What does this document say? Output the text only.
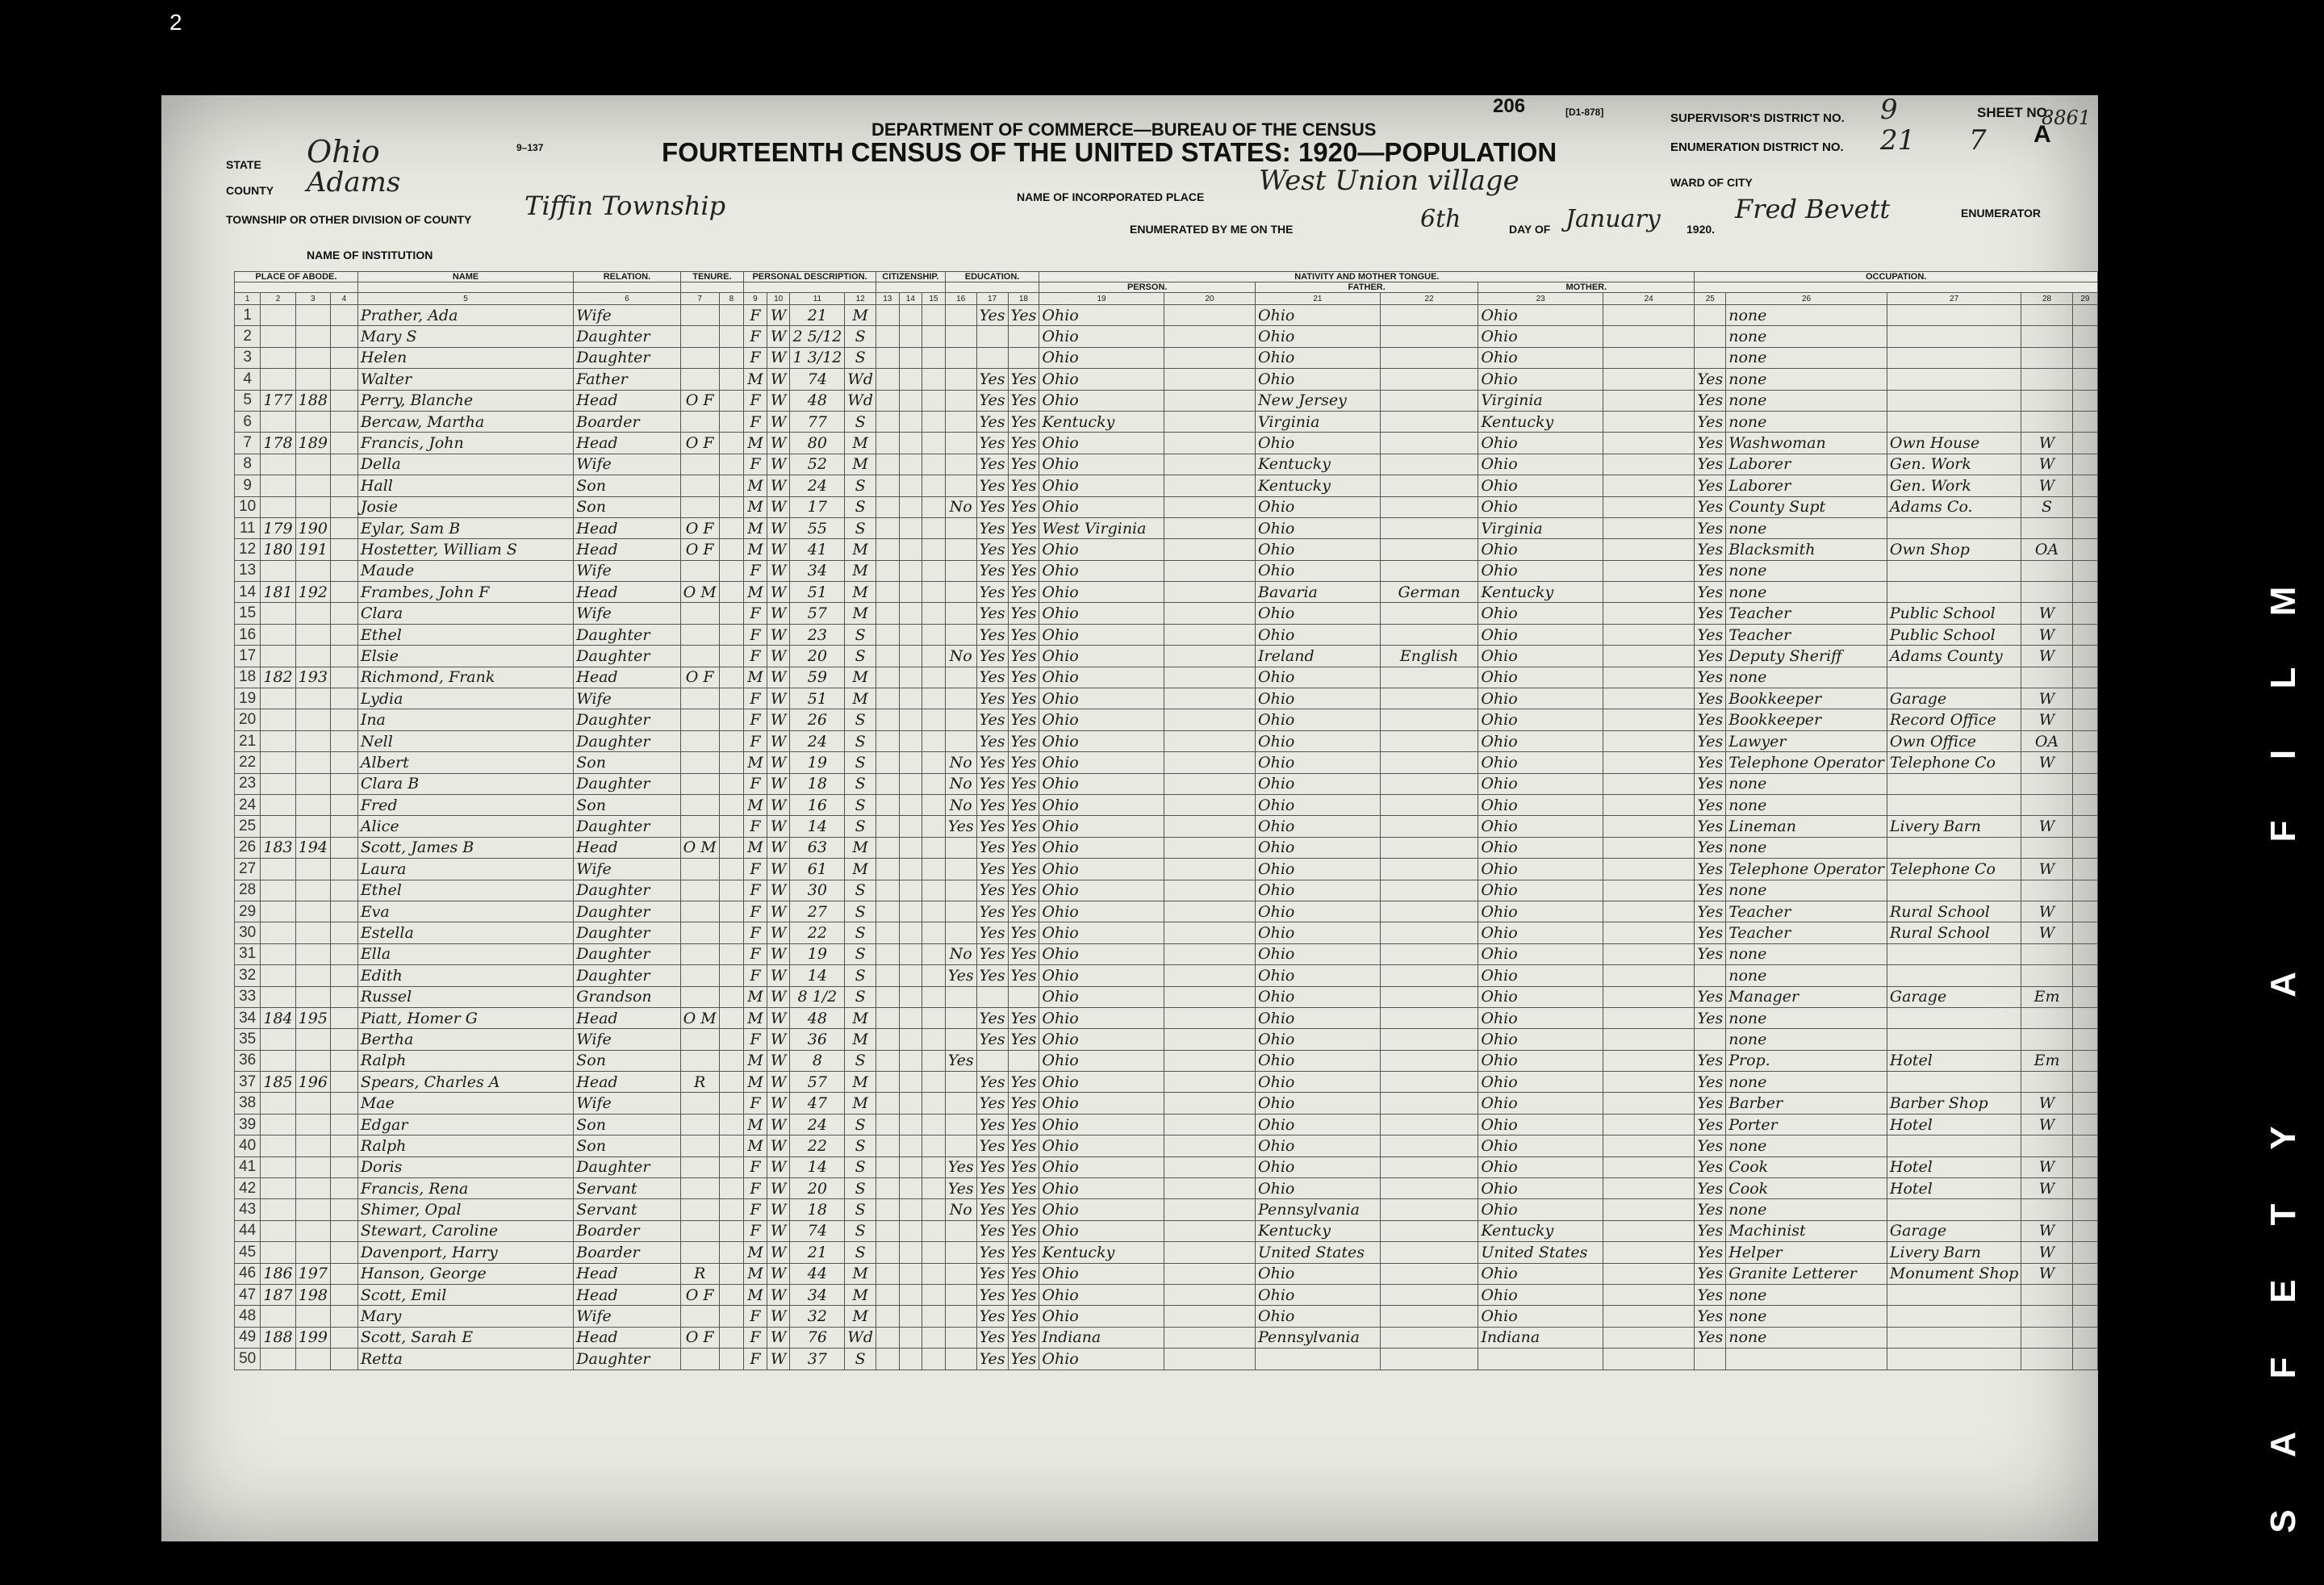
2
9–137
206	[D1-878]
DEPARTMENT OF COMMERCE—BUREAU OF THE CENSUS
FOURTEENTH CENSUS OF THE UNITED STATES: 1920—POPULATION
STATE Ohio
COUNTY Adams
TOWNSHIP OR OTHER DIVISION OF COUNTY Tiffin Township	NAME OF INCORPORATED PLACE West Union village
NAME OF INSTITUTION
ENUMERATED BY ME ON THE	6th	DAY OF January 1920.
Fred Bevett	ENUMERATOR
SUPERVISOR'S DISTRICT NO. 9
ENUMERATION DISTRICT NO. 21
SHEET NO.
7 A
WARD OF CITY
8861
PLACE OF ABODE.				NAME	RELATION.	TENURE.		PERSONAL DESCRIPTION.				CITIZENSHIP.			EDUCATION.			NATIVITY AND MOTHER TONGUE.						OCCUPATION.				
																		PERSON.		FATHER.		MOTHER.						
1	2	3	4	5	6	7	8	9	10	11	12	13	14	15	16	17	18	19	20	21	22	23	24	25	26	27	28	29
1				Prather, Ada	Wife			F	W	21	M					Yes	Yes	Ohio		Ohio		Ohio			none			
2				Mary S	Daughter			F	W	2 5/12	S							Ohio		Ohio		Ohio			none			
3				Helen	Daughter			F	W	1 3/12	S							Ohio		Ohio		Ohio			none			
4				Walter	Father			M	W	74	Wd					Yes	Yes	Ohio		Ohio		Ohio		Yes	none			
5	177	188		Perry, Blanche	Head	O F		F	W	48	Wd					Yes	Yes	Ohio		New Jersey		Virginia		Yes	none			
6				Bercaw, Martha	Boarder			F	W	77	S					Yes	Yes	Kentucky		Virginia		Kentucky		Yes	none			
7	178	189		Francis, John	Head	O F		M	W	80	M					Yes	Yes	Ohio		Ohio		Ohio		Yes	Washwoman	Own House	W	
8				Della	Wife			F	W	52	M					Yes	Yes	Ohio		Kentucky		Ohio		Yes	Laborer	Gen. Work	W	
9				Hall	Son			M	W	24	S					Yes	Yes	Ohio		Kentucky		Ohio		Yes	Laborer	Gen. Work	W	
10				Josie	Son			M	W	17	S				No	Yes	Yes	Ohio		Ohio		Ohio		Yes	County Supt	Adams Co.	S	
11	179	190		Eylar, Sam B	Head	O F		M	W	55	S					Yes	Yes	West Virginia		Ohio		Virginia		Yes	none			
12	180	191		Hostetter, William S	Head	O F		M	W	41	M					Yes	Yes	Ohio		Ohio		Ohio		Yes	Blacksmith	Own Shop	OA	
13				Maude	Wife			F	W	34	M					Yes	Yes	Ohio		Ohio		Ohio		Yes	none			
14	181	192		Frambes, John F	Head	O M		M	W	51	M					Yes	Yes	Ohio		Bavaria	German	Kentucky		Yes	none			
15				Clara	Wife			F	W	57	M					Yes	Yes	Ohio		Ohio		Ohio		Yes	Teacher	Public School	W	
16				Ethel	Daughter			F	W	23	S					Yes	Yes	Ohio		Ohio		Ohio		Yes	Teacher	Public School	W	
17				Elsie	Daughter			F	W	20	S				No	Yes	Yes	Ohio		Ireland	English	Ohio		Yes	Deputy Sheriff	Adams County	W	
18	182	193		Richmond, Frank	Head	O F		M	W	59	M					Yes	Yes	Ohio		Ohio		Ohio		Yes	none			
19				Lydia	Wife			F	W	51	M					Yes	Yes	Ohio		Ohio		Ohio		Yes	Bookkeeper	Garage	W	
20				Ina	Daughter			F	W	26	S					Yes	Yes	Ohio		Ohio		Ohio		Yes	Bookkeeper	Record Office	W	
21				Nell	Daughter			F	W	24	S					Yes	Yes	Ohio		Ohio		Ohio		Yes	Lawyer	Own Office	OA	
22				Albert	Son			M	W	19	S				No	Yes	Yes	Ohio		Ohio		Ohio		Yes	Telephone Operator	Telephone Co	W	
23				Clara B	Daughter			F	W	18	S				No	Yes	Yes	Ohio		Ohio		Ohio		Yes	none			
24				Fred	Son			M	W	16	S				No	Yes	Yes	Ohio		Ohio		Ohio		Yes	none			
25				Alice	Daughter			F	W	14	S				Yes	Yes	Yes	Ohio		Ohio		Ohio		Yes	Lineman	Livery Barn	W	
26	183	194		Scott, James B	Head	O M		M	W	63	M					Yes	Yes	Ohio		Ohio		Ohio		Yes	none			
27				Laura	Wife			F	W	61	M					Yes	Yes	Ohio		Ohio		Ohio		Yes	Telephone Operator	Telephone Co	W	
28				Ethel	Daughter			F	W	30	S					Yes	Yes	Ohio		Ohio		Ohio		Yes	none			
29				Eva	Daughter			F	W	27	S					Yes	Yes	Ohio		Ohio		Ohio		Yes	Teacher	Rural School	W	
30				Estella	Daughter			F	W	22	S					Yes	Yes	Ohio		Ohio		Ohio		Yes	Teacher	Rural School	W	
31				Ella	Daughter			F	W	19	S				No	Yes	Yes	Ohio		Ohio		Ohio		Yes	none			
32				Edith	Daughter			F	W	14	S				Yes	Yes	Yes	Ohio		Ohio		Ohio			none			
33				Russel	Grandson			M	W	8 1/2	S							Ohio		Ohio		Ohio		Yes	Manager	Garage	Em	
34	184	195		Piatt, Homer G	Head	O M		M	W	48	M					Yes	Yes	Ohio		Ohio		Ohio		Yes	none			
35				Bertha	Wife			F	W	36	M					Yes	Yes	Ohio		Ohio		Ohio			none			
36				Ralph	Son			M	W	8	S				Yes			Ohio		Ohio		Ohio		Yes	Prop.	Hotel	Em	
37	185	196		Spears, Charles A	Head	R		M	W	57	M					Yes	Yes	Ohio		Ohio		Ohio		Yes	none			
38				Mae	Wife			F	W	47	M					Yes	Yes	Ohio		Ohio		Ohio		Yes	Barber	Barber Shop	W	
39				Edgar	Son			M	W	24	S					Yes	Yes	Ohio		Ohio		Ohio		Yes	Porter	Hotel	W	
40				Ralph	Son			M	W	22	S					Yes	Yes	Ohio		Ohio		Ohio		Yes	none			
41				Doris	Daughter			F	W	14	S				Yes	Yes	Yes	Ohio		Ohio		Ohio		Yes	Cook	Hotel	W	
42				Francis, Rena	Servant			F	W	20	S				Yes	Yes	Yes	Ohio		Ohio		Ohio		Yes	Cook	Hotel	W	
43				Shimer, Opal	Servant			F	W	18	S				No	Yes	Yes	Ohio		Pennsylvania		Ohio		Yes	none			
44				Stewart, Caroline	Boarder			F	W	74	S					Yes	Yes	Ohio		Kentucky		Kentucky		Yes	Machinist	Garage	W	
45				Davenport, Harry	Boarder			M	W	21	S					Yes	Yes	Kentucky		United States		United States		Yes	Helper	Livery Barn	W	
46	186	197		Hanson, George	Head	R		M	W	44	M					Yes	Yes	Ohio		Ohio		Ohio		Yes	Granite Letterer	Monument Shop	W	
47	187	198		Scott, Emil	Head	O F		M	W	34	M					Yes	Yes	Ohio		Ohio		Ohio		Yes	none			
48				Mary	Wife			F	W	32	M					Yes	Yes	Ohio		Ohio		Ohio		Yes	none			
49	188	199		Scott, Sarah E	Head	O F		F	W	76	Wd					Yes	Yes	Indiana		Pennsylvania		Indiana		Yes	none			
50				Retta	Daughter			F	W	37	S					Yes	Yes	Ohio										
S
A
F
E
T
Y
A
F
I
L
M
